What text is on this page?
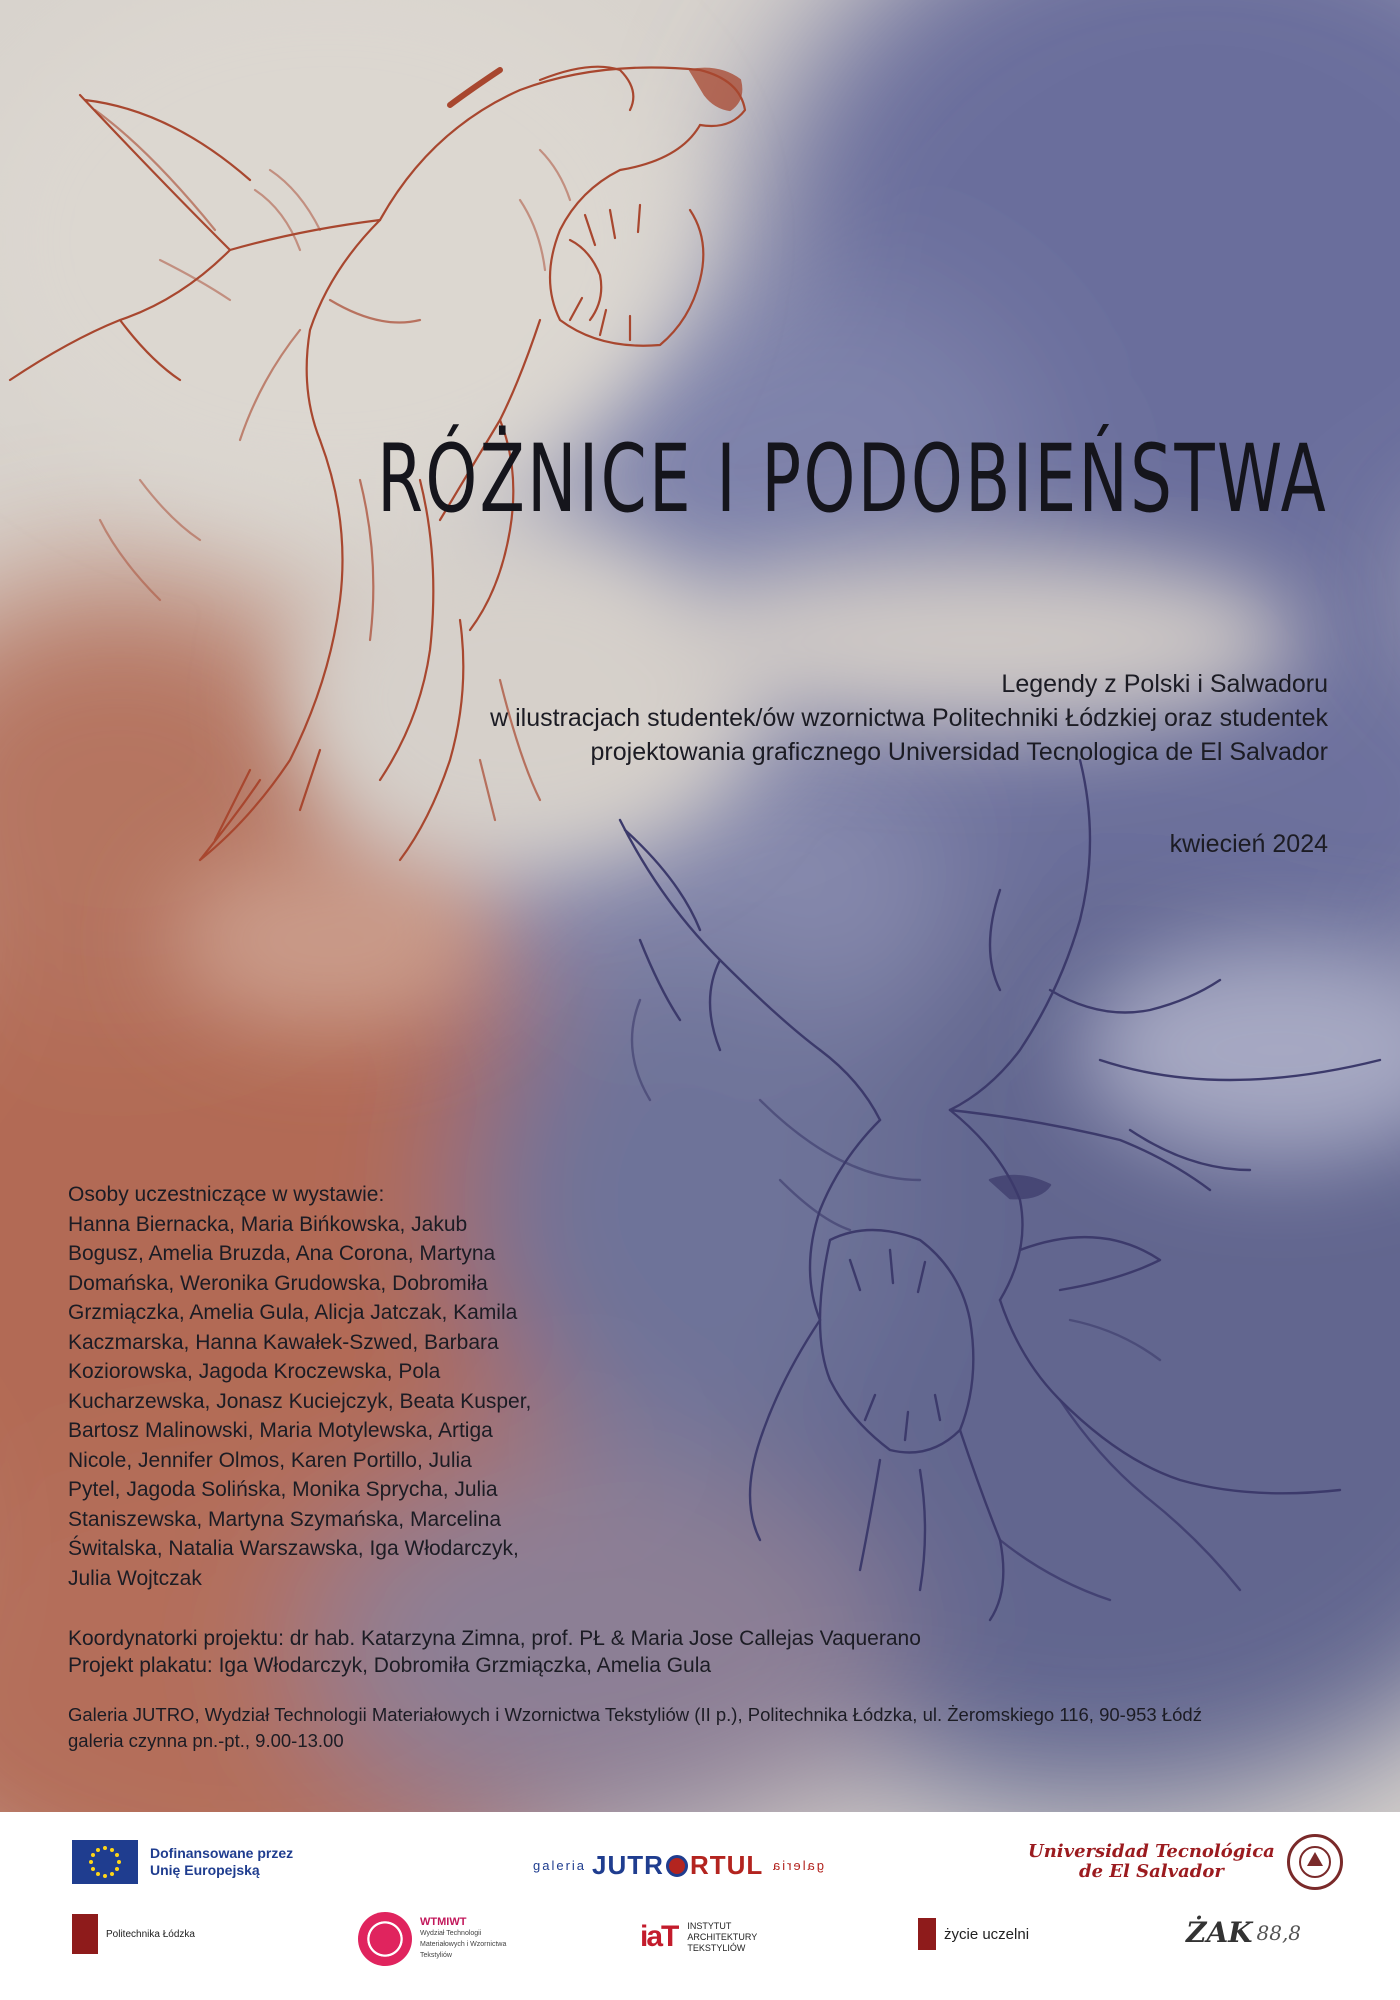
RÓŻNICE I PODOBIEŃSTWA
Legendy z Polski i Salwadoru
w ilustracjach studentek/ów wzornictwa Politechniki Łódzkiej oraz studentek
projektowania graficznego Universidad Tecnologica de El Salvador

kwiecień 2024

Osoby uczestniczące w wystawie:
Hanna Biernacka, Maria Bińkowska, Jakub
Bogusz, Amelia Bruzda, Ana Corona, Martyna
Domańska, Weronika Grudowska, Dobromiła
Grzmiączka, Amelia Gula, Alicja Jatczak, Kamila
Kaczmarska, Hanna Kawałek-Szwed, Barbara
Koziorowska, Jagoda Kroczewska, Pola
Kucharzewska, Jonasz Kuciejczyk, Beata Kusper,
Bartosz Malinowski, Maria Motylewska, Artiga
Nicole, Jennifer Olmos, Karen Portillo, Julia
Pytel, Jagoda Solińska, Monika Sprycha, Julia
Staniszewska, Martyna Szymańska, Marcelina
Świtalska, Natalia Warszawska, Iga Włodarczyk,
Julia Wojtczak
Koordynatorki projektu: dr hab. Katarzyna Zimna, prof. PŁ & Maria Jose Callejas Vaquerano
Projekt plakatu: Iga Włodarczyk, Dobromiła Grzmiączka, Amelia Gula
Galeria JUTRO, Wydział Technologii Materiałowych i Wzornictwa Tekstyliów (II p.), Politechnika Łódzka, ul. Żeromskiego 116, 90-953 Łódź
galeria czynna pn.-pt., 9.00-13.00
Dofinansowane przez
Unię Europejską	galeria JUTR RTUL galeria
Universidad Tecnológica
de El Salvador
Politechnika Łódzka
WTMIWT
Wydział Technologii Materiałowych i Wzornictwa Tekstyliów
iaT INSTYTUT
ARCHITEKTURY
TEKSTYLIÓW
życie uczelni	ŻAK 88,8
